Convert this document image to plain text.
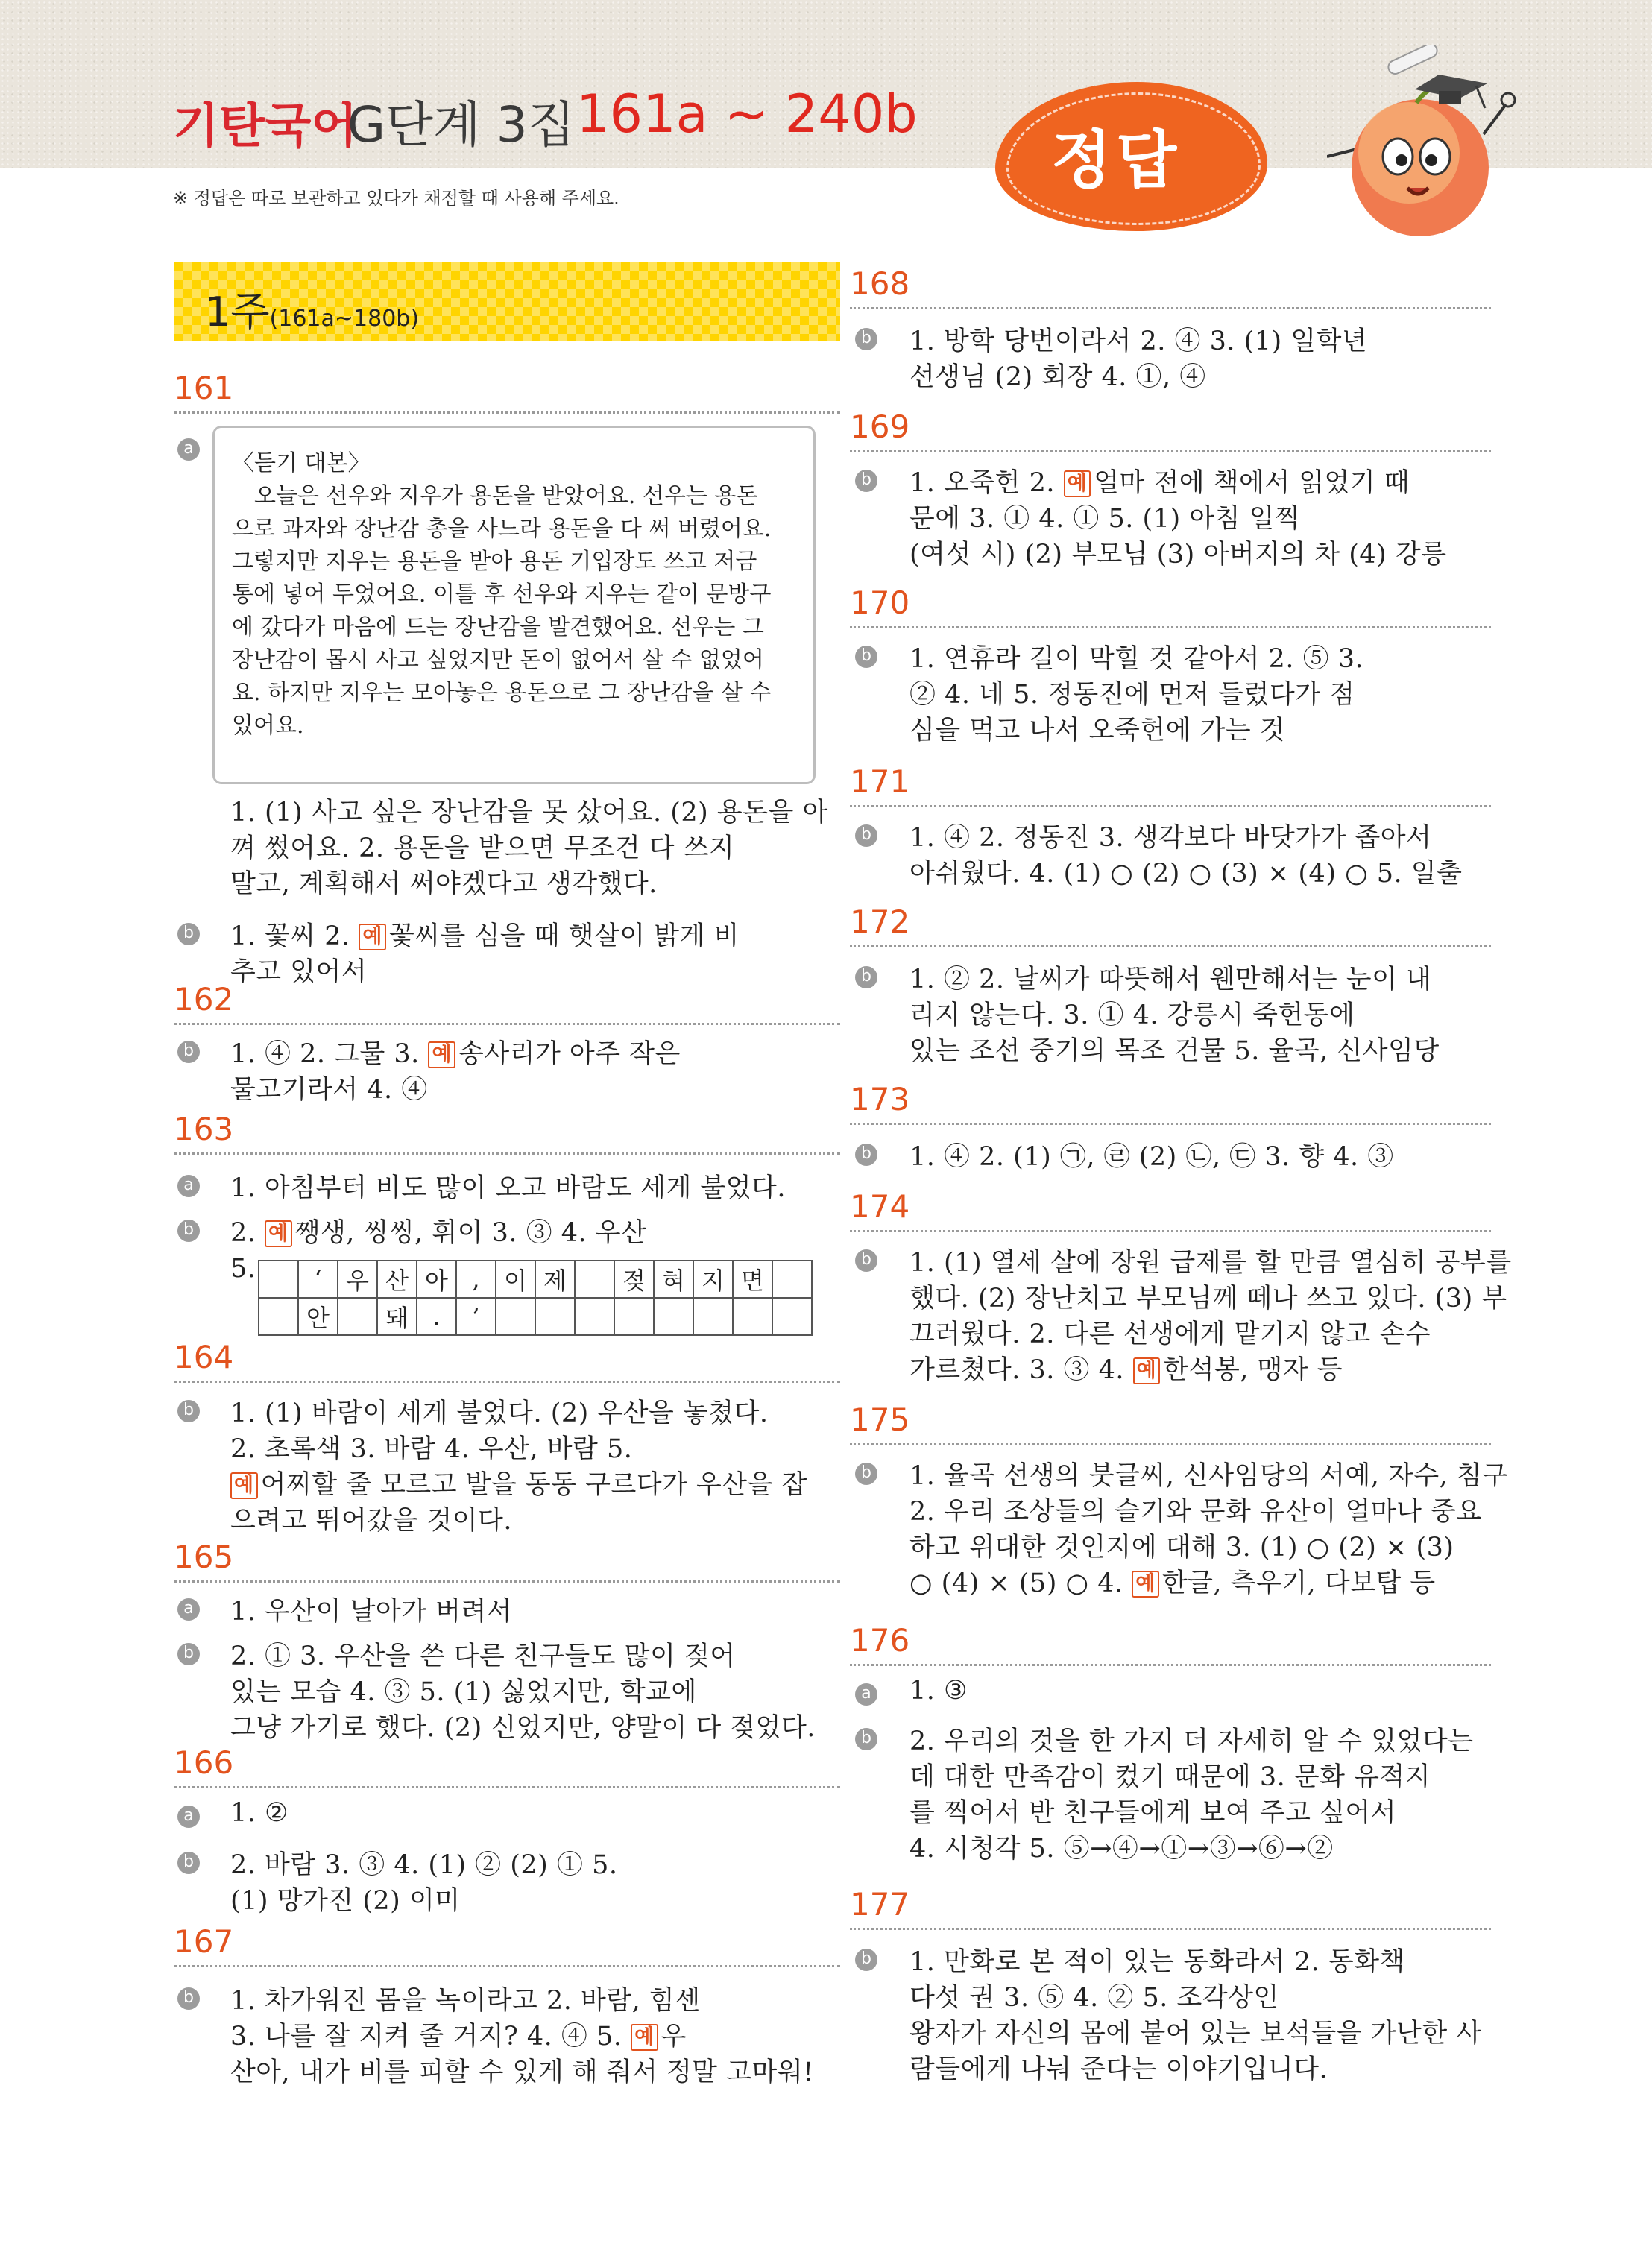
기탄국어
G단계 3집 161a ~ 240b
※ 정답은 따로 보관하고 있다가 채점할 때 사용해 주세요.
정답
1주(161a~180b)
161
a
〈듣기 대본〉
오늘은 선우와 지우가 용돈을 받았어요. 선우는 용돈
으로 과자와 장난감 총을 사느라 용돈을 다 써 버렸어요.
그렇지만 지우는 용돈을 받아 용돈 기입장도 쓰고 저금
통에 넣어 두었어요. 이틀 후 선우와 지우는 같이 문방구
에 갔다가 마음에 드는 장난감을 발견했어요. 선우는 그
장난감이 몹시 사고 싶었지만 돈이 없어서 살 수 없었어
요. 하지만 지우는 모아놓은 용돈으로 그 장난감을 살 수
있어요.
1. (1) 사고 싶은 장난감을 못 샀어요. (2) 용돈을 아
껴 썼어요. 2. 용돈을 받으면 무조건 다 쓰지
말고, 계획해서 써야겠다고 생각했다.
b 1. 꽃씨 2. 예 꽃씨를 심을 때 햇살이 밝게 비
추고 있어서
162
b 1. ④ 2. 그물 3. 예 송사리가 아주 작은
물고기라서 4. ④
163
a 1. 아침부터 비도 많이 오고 바람도 세게 불었다.
b 2. 예 쨍생, 씽씽, 휘이 3. ③ 4. 우산
5.
	‘	우	산	아	,	이	제		젖	혀	지	면	
	안		돼	.	’								
164
b 1. (1) 바람이 세게 불었다. (2) 우산을 놓쳤다.
2. 초록색 3. 바람 4. 우산, 바람 5.
예 어찌할 줄 모르고 발을 동동 구르다가 우산을 잡
으려고 뛰어갔을 것이다.
165
a 1. 우산이 날아가 버려서
b 2. ① 3. 우산을 쓴 다른 친구들도 많이 젖어
있는 모습 4. ③ 5. (1) 싫었지만, 학교에
그냥 가기로 했다. (2) 신었지만, 양말이 다 젖었다.
166
a 1. ②
b 2. 바람 3. ③ 4. (1) ② (2) ① 5.
(1) 망가진 (2) 이미
167
b 1. 차가워진 몸을 녹이라고 2. 바람, 힘센
3. 나를 잘 지켜 줄 거지? 4. ④ 5. 예 우
산아, 내가 비를 피할 수 있게 해 줘서 정말 고마워!
168
b 1. 방학 당번이라서 2. ④ 3. (1) 일학년
선생님 (2) 회장 4. ①, ④
169
b 1. 오죽헌 2. 예 얼마 전에 책에서 읽었기 때
문에 3. ① 4. ① 5. (1) 아침 일찍
(여섯 시) (2) 부모님 (3) 아버지의 차 (4) 강릉
170
b 1. 연휴라 길이 막힐 것 같아서 2. ⑤ 3.
② 4. 네 5. 정동진에 먼저 들렀다가 점
심을 먹고 나서 오죽헌에 가는 것
171
b 1. ④ 2. 정동진 3. 생각보다 바닷가가 좁아서
아쉬웠다. 4. (1) ○ (2) ○ (3) × (4) ○ 5. 일출
172
b 1. ② 2. 날씨가 따뜻해서 웬만해서는 눈이 내
리지 않는다. 3. ① 4. 강릉시 죽헌동에
있는 조선 중기의 목조 건물 5. 율곡, 신사임당
173
b 1. ④ 2. (1) ㉠, ㉣ (2) ㉡, ㉢ 3. 향 4. ③
174
b 1. (1) 열세 살에 장원 급제를 할 만큼 열심히 공부를
했다. (2) 장난치고 부모님께 떼나 쓰고 있다. (3) 부
끄러웠다. 2. 다른 선생에게 맡기지 않고 손수
가르쳤다. 3. ③ 4. 예 한석봉, 맹자 등
175
b 1. 율곡 선생의 붓글씨, 신사임당의 서예, 자수, 침구
2. 우리 조상들의 슬기와 문화 유산이 얼마나 중요
하고 위대한 것인지에 대해 3. (1) ○ (2) × (3)
○ (4) × (5) ○ 4. 예 한글, 측우기, 다보탑 등
176
a 1. ③
b 2. 우리의 것을 한 가지 더 자세히 알 수 있었다는
데 대한 만족감이 컸기 때문에 3. 문화 유적지
를 찍어서 반 친구들에게 보여 주고 싶어서
4. 시청각 5. ⑤→④→①→③→⑥→②
177
b 1. 만화로 본 적이 있는 동화라서 2. 동화책
다섯 권 3. ⑤ 4. ② 5. 조각상인
왕자가 자신의 몸에 붙어 있는 보석들을 가난한 사
람들에게 나눠 준다는 이야기입니다.
